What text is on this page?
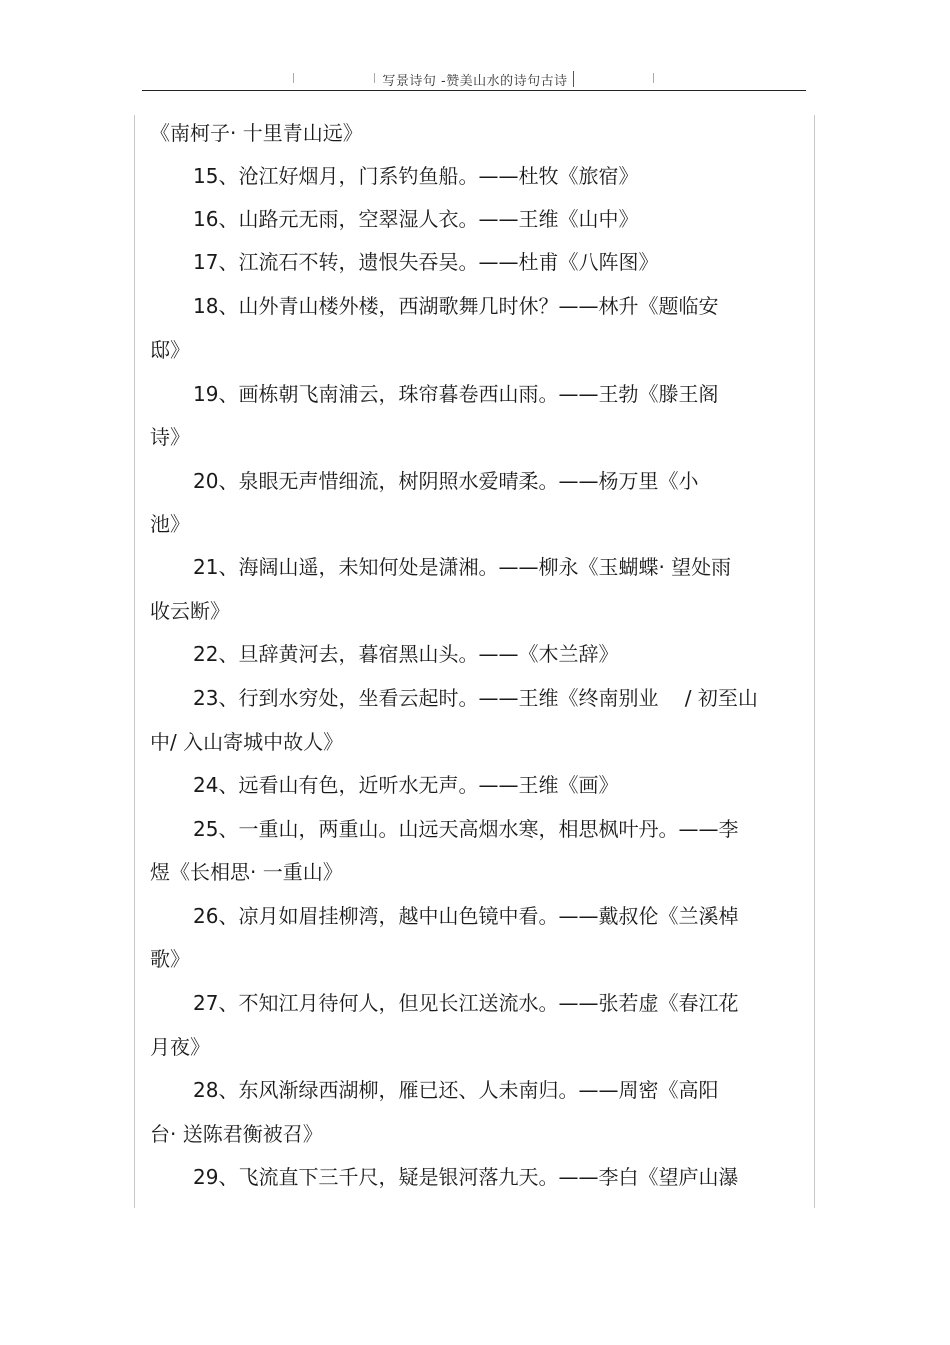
写景诗句 -赞美山水的诗句古诗
《南柯子· 十里青山远》
15、沧江好烟月，门系钓鱼船。——杜牧《旅宿》
16、山路元无雨，空翠湿人衣。——王维《山中》
17、江流石不转，遗恨失吞吴。——杜甫《八阵图》
18、山外青山楼外楼，西湖歌舞几时休？——林升《题临安
邸》
19、画栋朝飞南浦云，珠帘暮卷西山雨。——王勃《滕王阁
诗》
20、泉眼无声惜细流，树阴照水爱晴柔。——杨万里《小
池》
21、海阔山遥，未知何处是潇湘。——柳永《玉蝴蝶· 望处雨
收云断》
22、旦辞黄河去，暮宿黑山头。——《木兰辞》
23、行到水穷处，坐看云起时。——王维《终南别业　 / 初至山
中/ 入山寄城中故人》
24、远看山有色，近听水无声。——王维《画》
25、一重山，两重山。山远天高烟水寒，相思枫叶丹。——李
煜《长相思· 一重山》
26、凉月如眉挂柳湾，越中山色镜中看。——戴叔伦《兰溪棹
歌》
27、不知江月待何人，但见长江送流水。——张若虚《春江花
月夜》
28、东风渐绿西湖柳，雁已还、人未南归。——周密《高阳
台· 送陈君衡被召》
29、飞流直下三千尺，疑是银河落九天。——李白《望庐山瀑
